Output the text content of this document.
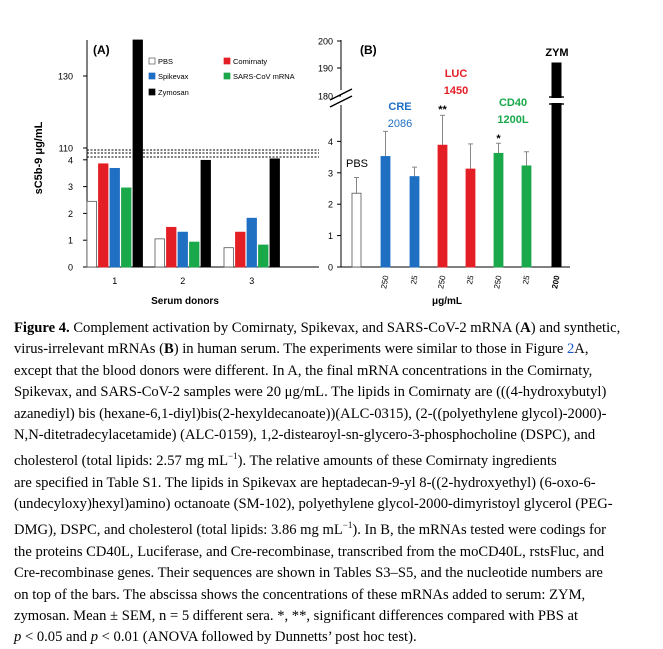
0
1
2
3
4
110
130
sC5b-9 μg/mL
Serum donors
(A)
1	2	3
PBS	Comirnaty
Spikevax	SARS-CoV mRNA
Zymosan
0
1
2
3
4
180
190
200
(B)
μg/mL
250 25 250 25 250 25 200
PBS
CRE
2086
LUC
1450
**
CD40
1200L
*
ZYM

Figure 4. Complement activation by Comirnaty, Spikevax, and SARS-CoV-2 mRNA (A) and synthetic,
virus-irrelevant mRNAs (B) in human serum. The experiments were similar to those in Figure 2A,
except that the blood donors were different. In A, the final mRNA concentrations in the Comirnaty,
Spikevax, and SARS-CoV-2 samples were 20 μg/mL. The lipids in Comirnaty are (((4-hydroxybutyl)
azanediyl) bis (hexane-6,1-diyl)bis(2-hexyldecanoate))(ALC-0315), (2-((polyethylene glycol)-2000)-
N,N-ditetradecylacetamide) (ALC-0159), 1,2-distearoyl-sn-glycero-3-phosphocholine (DSPC), and
cholesterol (total lipids: 2.57 mg $mL^{-1}$). The relative amounts of these Comirnaty ingredients
are specified in Table S1. The lipids in Spikevax are heptadecan-9-yl 8-((2-hydroxyethyl) (6-oxo-6-
(undecyloxy)hexyl)amino) octanoate (SM-102), polyethylene glycol-2000-dimyristoyl glycerol (PEG-
DMG), DSPC, and cholesterol (total lipids: 3.86 mg $mL^{-1}$). In B, the mRNAs tested were codings for
the proteins CD40L, Luciferase, and Cre-recombinase, transcribed from the moCD40L, rstsFluc, and
Cre-recombinase genes. Their sequences are shown in Tables S3–S5, and the nucleotide numbers are
on top of the bars. The abscissa shows the concentrations of these mRNAs added to serum: ZYM,
zymosan. Mean ± SEM, n = 5 different sera. *, **, significant differences compared with PBS at
p < 0.05 and p < 0.01 (ANOVA followed by Dunnetts’ post hoc test).
